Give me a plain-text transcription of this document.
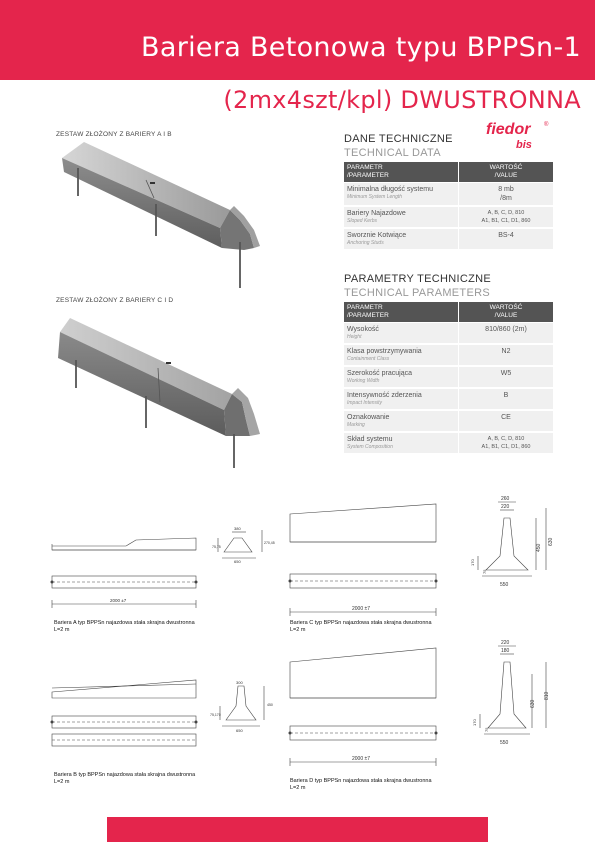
Bariera Betonowa typu BPPSn-1
(2mx4szt/kpl) DWUSTRONNA
ZESTAW ZŁOŻONY Z BARIERY A I B
ZESTAW ZŁOŻONY Z BARIERY C I D
fiedor
bis
®
DANE TECHNICZNE
TECHNICAL DATA
PARAMETR
/PARAMETER	WARTOŚĆ
/VALUE

Minimalna długość systemu
Minimum System Length	8 mb
/8m

Bariery Najazdowe
Sloped Kerbs	A, B, C, D, 810
A1, B1, C1, D1, 860

Sworznie Kotwiące
Anchoring Studs	BS-4
PARAMETRY TECHNICZNE
TECHNICAL PARAMETERS
PARAMETR
/PARAMETER	WARTOŚĆ
/VALUE

Wysokość
Height	810/860 (2m)

Klasa powstrzymywania
Containment Class	N2

Szerokość pracująca
Working Width	W5

Intensywność zderzenia
Impact Intensity	B

Oznakowanie
Marking	CE

Skład systemu
System Composition	A, B, C, D, 810
A1, B1, C1, D1, 860
2000 ±7
380
650
75,75
270,45
Bariera A typ BPPSn najazdowa stała skrajna dwustronna
L=2 m
2000 ±7
260
220
450
630
170
75
550
Bariera C typ BPPSn najazdowa stała skrajna dwustronna
L=2 m
300
650
75,170
450
Bariera B typ BPPSn najazdowa stała skrajna dwustronna
L=2 m
2000 ±7
220
180
630
810
170
75
550
Bariera D typ BPPSn najazdowa stała skrajna dwustronna
L=2 m
